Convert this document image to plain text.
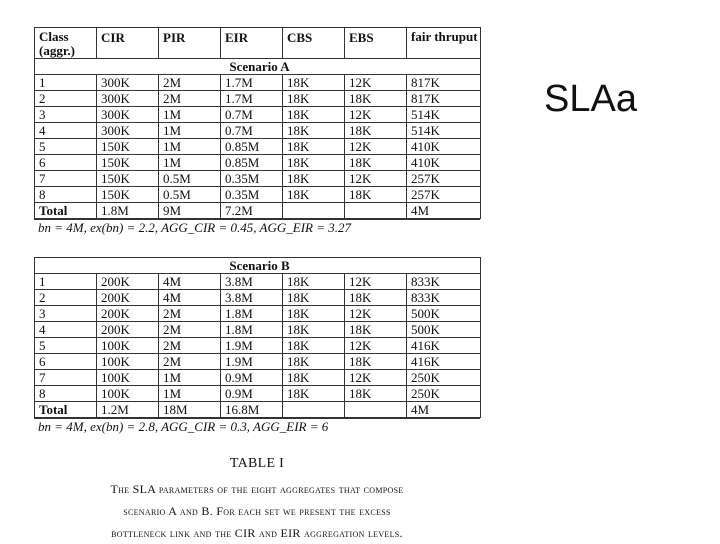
Class (aggr.)	CIR	PIR	EIR	CBS	EBS	fair thruput
Scenario A						
1	300K	2M	1.7M	18K	12K	817K
2	300K	2M	1.7M	18K	18K	817K
3	300K	1M	0.7M	18K	12K	514K
4	300K	1M	0.7M	18K	18K	514K
5	150K	1M	0.85M	18K	12K	410K
6	150K	1M	0.85M	18K	18K	410K
7	150K	0.5M	0.35M	18K	12K	257K
8	150K	0.5M	0.35M	18K	18K	257K
Total	1.8M	9M	7.2M			4M
bn = 4M, ex(bn) = 2.2, AGG_CIR = 0.45, AGG_EIR = 3.27
Scenario B						
1	200K	4M	3.8M	18K	12K	833K
2	200K	4M	3.8M	18K	18K	833K
3	200K	2M	1.8M	18K	12K	500K
4	200K	2M	1.8M	18K	18K	500K
5	100K	2M	1.9M	18K	12K	416K
6	100K	2M	1.9M	18K	18K	416K
7	100K	1M	0.9M	18K	12K	250K
8	100K	1M	0.9M	18K	18K	250K
Total	1.2M	18M	16.8M			4M
bn = 4M, ex(bn) = 2.8, AGG_CIR = 0.3, AGG_EIR = 6
TABLE I
The SLA parameters of the eight aggregates that compose
scenario A and B. For each set we present the excess
bottleneck link and the CIR and EIR aggregation levels.
SLAa
